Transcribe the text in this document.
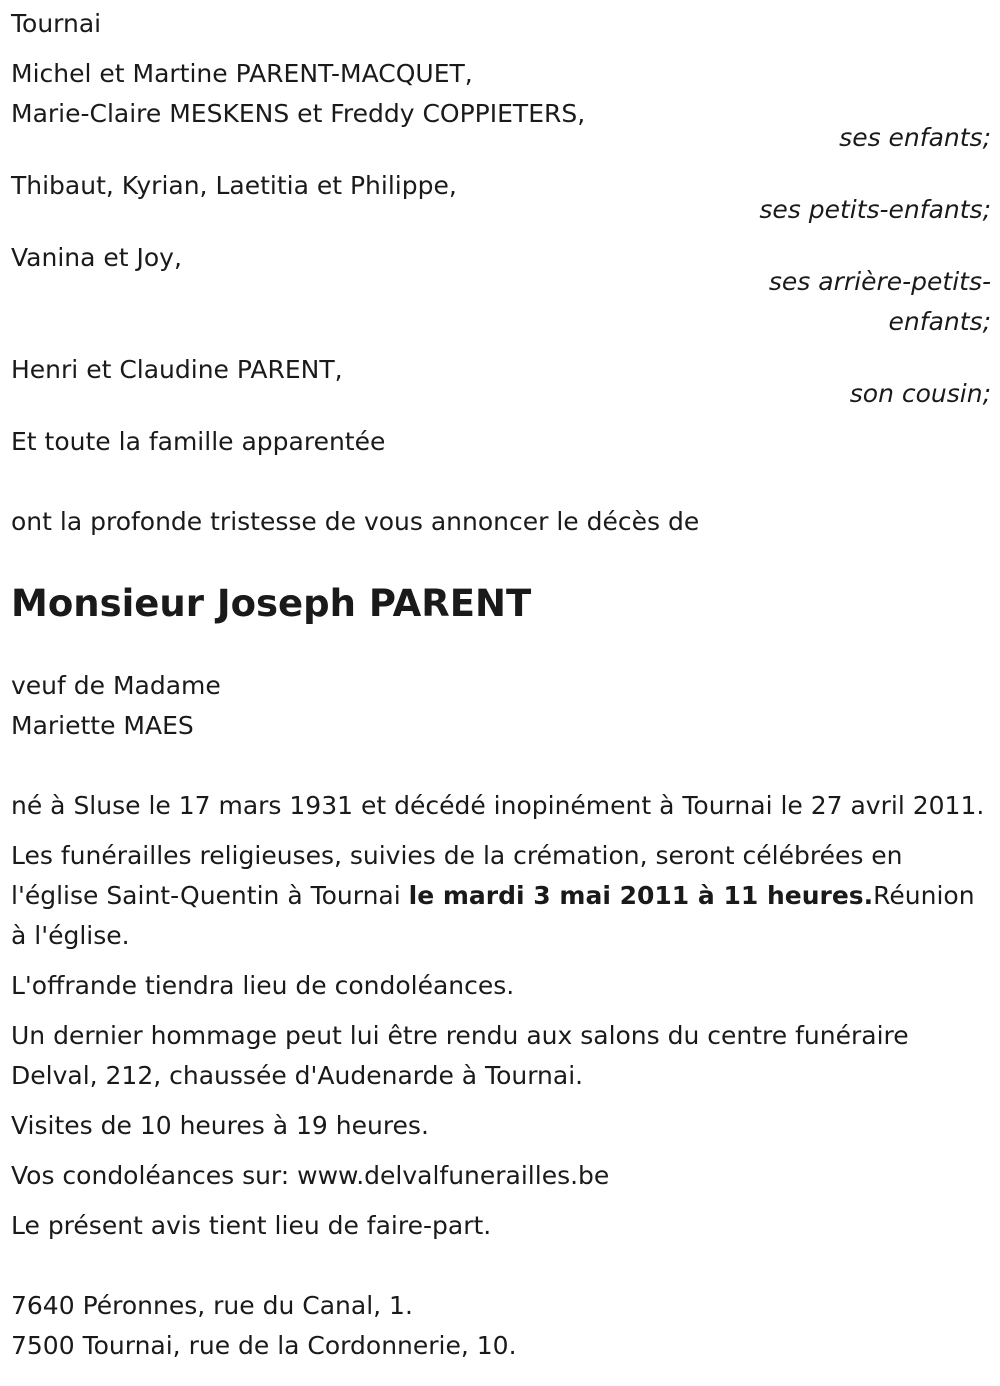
Tournai
Michel et Martine PARENT-MACQUET,
Marie-Claire MESKENS et Freddy COPPIETERS,
ses enfants;
Thibaut, Kyrian, Laetitia et Philippe,
ses petits-enfants;
Vanina et Joy,
ses arrière-petits-
enfants;
Henri et Claudine PARENT,
son cousin;
Et toute la famille apparentée
ont la profonde tristesse de vous annoncer le décès de
Monsieur Joseph PARENT
veuf de Madame
Mariette MAES
né à Sluse le 17 mars 1931 et décédé inopinément à Tournai le 27 avril 2011.
Les funérailles religieuses, suivies de la crémation, seront célébrées en l'église Saint-Quentin à Tournai le mardi 3 mai 2011 à 11 heures.Réunion à l'église.
L'offrande tiendra lieu de condoléances.
Un dernier hommage peut lui être rendu aux salons du centre funéraire Delval, 212, chaussée d'Audenarde à Tournai.
Visites de 10 heures à 19 heures.
Vos condoléances sur: www.delvalfunerailles.be
Le présent avis tient lieu de faire-part.
7640 Péronnes, rue du Canal, 1.
7500 Tournai, rue de la Cordonnerie, 10.
